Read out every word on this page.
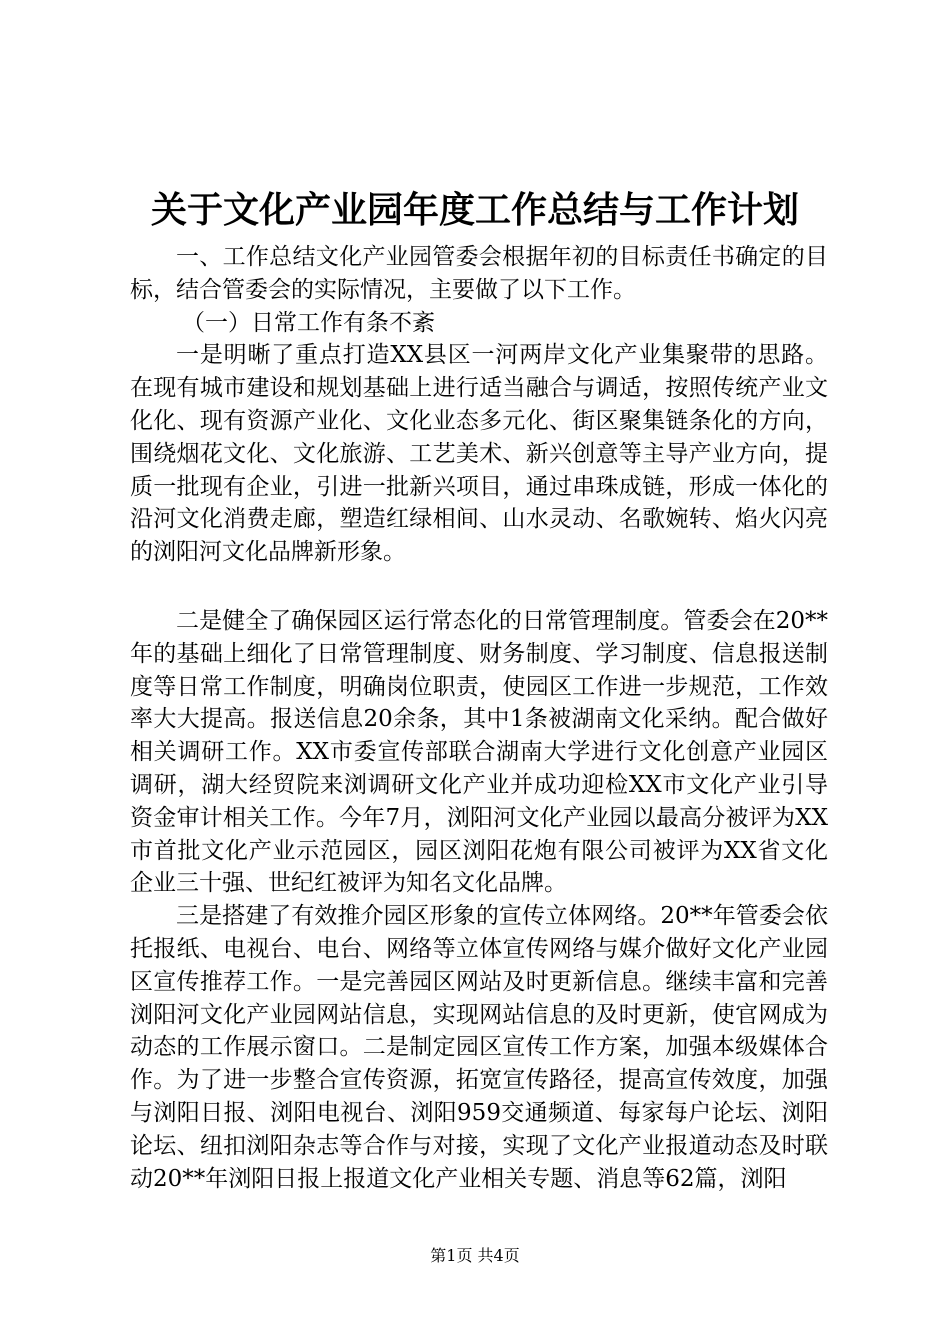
关于文化产业园年度工作总结与工作计划

一、工作总结文化产业园管委会根据年初的目标责任书确定的目标，结合管委会的实际情况，主要做了以下工作。

（一）日常工作有条不紊

一是明晰了重点打造XX县区一河两岸文化产业集聚带的思路。在现有城市建设和规划基础上进行适当融合与调适，按照传统产业文化化、现有资源产业化、文化业态多元化、街区聚集链条化的方向，围绕烟花文化、文化旅游、工艺美术、新兴创意等主导产业方向，提质一批现有企业，引进一批新兴项目，通过串珠成链，形成一体化的沿河文化消费走廊，塑造红绿相间、山水灵动、名歌婉转、焰火闪亮的浏阳河文化品牌新形象。

二是健全了确保园区运行常态化的日常管理制度。管委会在20**年的基础上细化了日常管理制度、财务制度、学习制度、信息报送制度等日常工作制度，明确岗位职责，使园区工作进一步规范，工作效率大大提高。报送信息20余条，其中1条被湖南文化采纳。配合做好相关调研工作。XX市委宣传部联合湖南大学进行文化创意产业园区调研，湖大经贸院来浏调研文化产业并成功迎检XX市文化产业引导资金审计相关工作。今年7月，浏阳河文化产业园以最高分被评为XX市首批文化产业示范园区，园区浏阳花炮有限公司被评为XX省文化企业三十强、世纪红被评为知名文化品牌。

三是搭建了有效推介园区形象的宣传立体网络。20**年管委会依托报纸、电视台、电台、网络等立体宣传网络与媒介做好文化产业园区宣传推荐工作。一是完善园区网站及时更新信息。继续丰富和完善浏阳河文化产业园网站信息，实现网站信息的及时更新，使官网成为动态的工作展示窗口。二是制定园区宣传工作方案，加强本级媒体合作。为了进一步整合宣传资源，拓宽宣传路径，提高宣传效度，加强与浏阳日报、浏阳电视台、浏阳959交通频道、每家每户论坛、浏阳论坛、纽扣浏阳杂志等合作与对接，实现了文化产业报道动态及时联动20**年浏阳日报上报道文化产业相关专题、消息等62篇，浏阳

第1页 共4页
